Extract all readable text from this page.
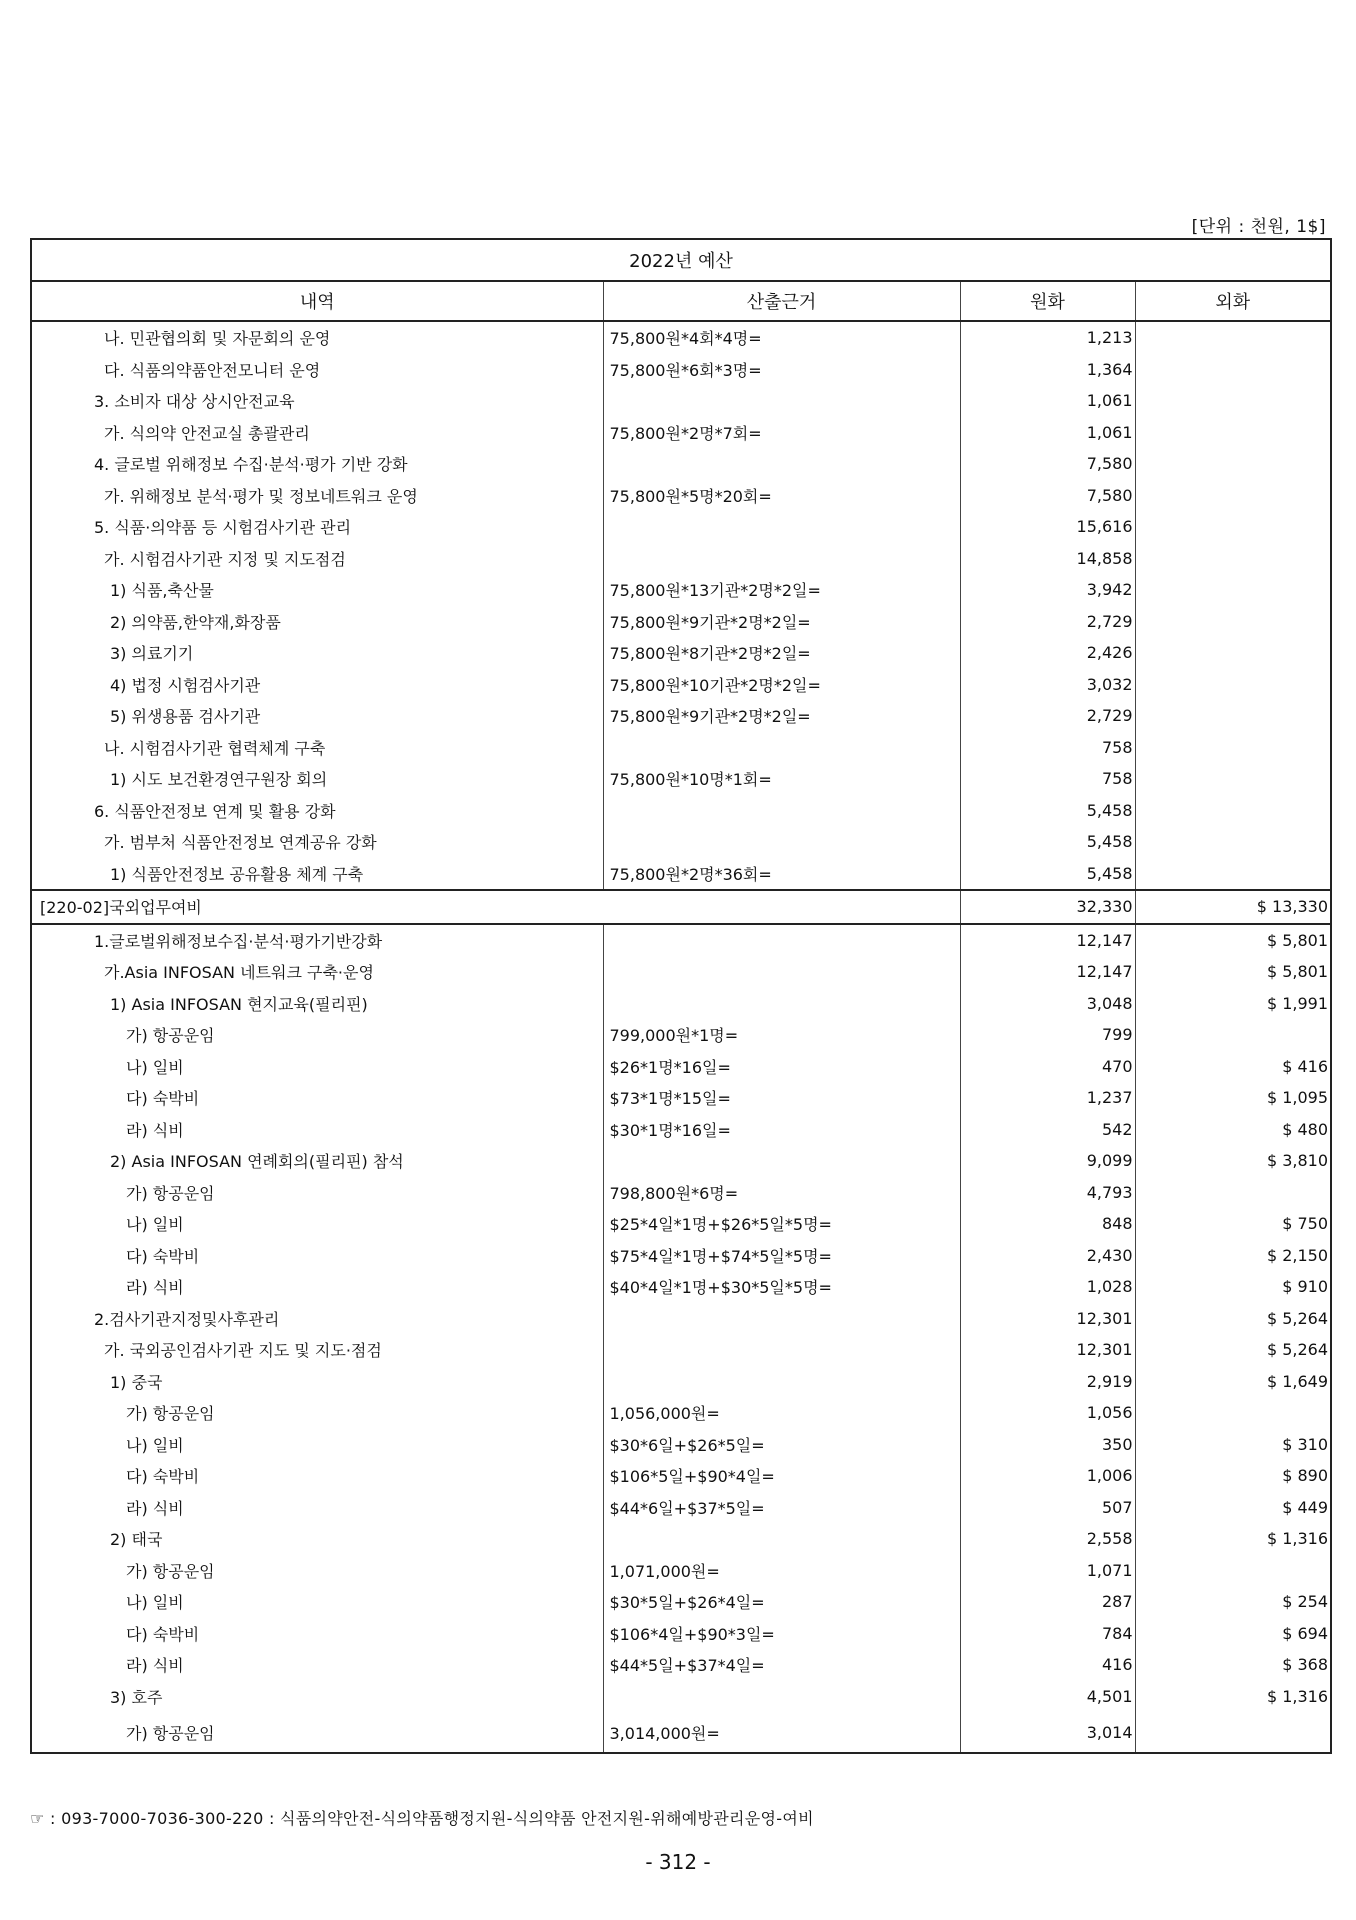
[단위 : 천원, 1$]
2022년 예산			
내역	산출근거	원화	외화
나. 민관협의회 및 자문회의 운영	75,800원*4회*4명=	1,213	
다. 식품의약품안전모니터 운영	75,800원*6회*3명=	1,364	
3. 소비자 대상 상시안전교육		1,061	
가. 식의약 안전교실 총괄관리	75,800원*2명*7회=	1,061	
4. 글로벌 위해정보 수집·분석·평가 기반 강화		7,580	
가. 위해정보 분석·평가 및 정보네트워크 운영	75,800원*5명*20회=	7,580	
5. 식품·의약품 등 시험검사기관 관리		15,616	
가. 시험검사기관 지정 및 지도점검		14,858	
1) 식품,축산물	75,800원*13기관*2명*2일=	3,942	
2) 의약품,한약재,화장품	75,800원*9기관*2명*2일=	2,729	
3) 의료기기	75,800원*8기관*2명*2일=	2,426	
4) 법정 시험검사기관	75,800원*10기관*2명*2일=	3,032	
5) 위생용품 검사기관	75,800원*9기관*2명*2일=	2,729	
나. 시험검사기관 협력체계 구축		758	
1) 시도 보건환경연구원장 회의	75,800원*10명*1회=	758	
6. 식품안전정보 연계 및 활용 강화		5,458	
가. 범부처 식품안전정보 연계공유 강화		5,458	
1) 식품안전정보 공유활용 체계 구축	75,800원*2명*36회=	5,458	
[220-02]국외업무여비		32,330	$ 13,330
1.글로벌위해정보수집·분석·평가기반강화		12,147	$ 5,801
가.Asia INFOSAN 네트워크 구축·운영		12,147	$ 5,801
1) Asia INFOSAN 현지교육(필리핀)		3,048	$ 1,991
가) 항공운임	799,000원*1명=	799	
나) 일비	$26*1명*16일=	470	$ 416
다) 숙박비	$73*1명*15일=	1,237	$ 1,095
라) 식비	$30*1명*16일=	542	$ 480
2) Asia INFOSAN 연례회의(필리핀) 참석		9,099	$ 3,810
가) 항공운임	798,800원*6명=	4,793	
나) 일비	$25*4일*1명+$26*5일*5명=	848	$ 750
다) 숙박비	$75*4일*1명+$74*5일*5명=	2,430	$ 2,150
라) 식비	$40*4일*1명+$30*5일*5명=	1,028	$ 910
2.검사기관지정및사후관리		12,301	$ 5,264
가. 국외공인검사기관 지도 및 지도·점검		12,301	$ 5,264
1) 중국		2,919	$ 1,649
가) 항공운임	1,056,000원=	1,056	
나) 일비	$30*6일+$26*5일=	350	$ 310
다) 숙박비	$106*5일+$90*4일=	1,006	$ 890
라) 식비	$44*6일+$37*5일=	507	$ 449
2) 태국		2,558	$ 1,316
가) 항공운임	1,071,000원=	1,071	
나) 일비	$30*5일+$26*4일=	287	$ 254
다) 숙박비	$106*4일+$90*3일=	784	$ 694
라) 식비	$44*5일+$37*4일=	416	$ 368
3) 호주		4,501	$ 1,316
가) 항공운임	3,014,000원=	3,014	
☞ : 093-7000-7036-300-220 : 식품의약안전-식의약품행정지원-식의약품 안전지원-위해예방관리운영-여비
- 312 -
